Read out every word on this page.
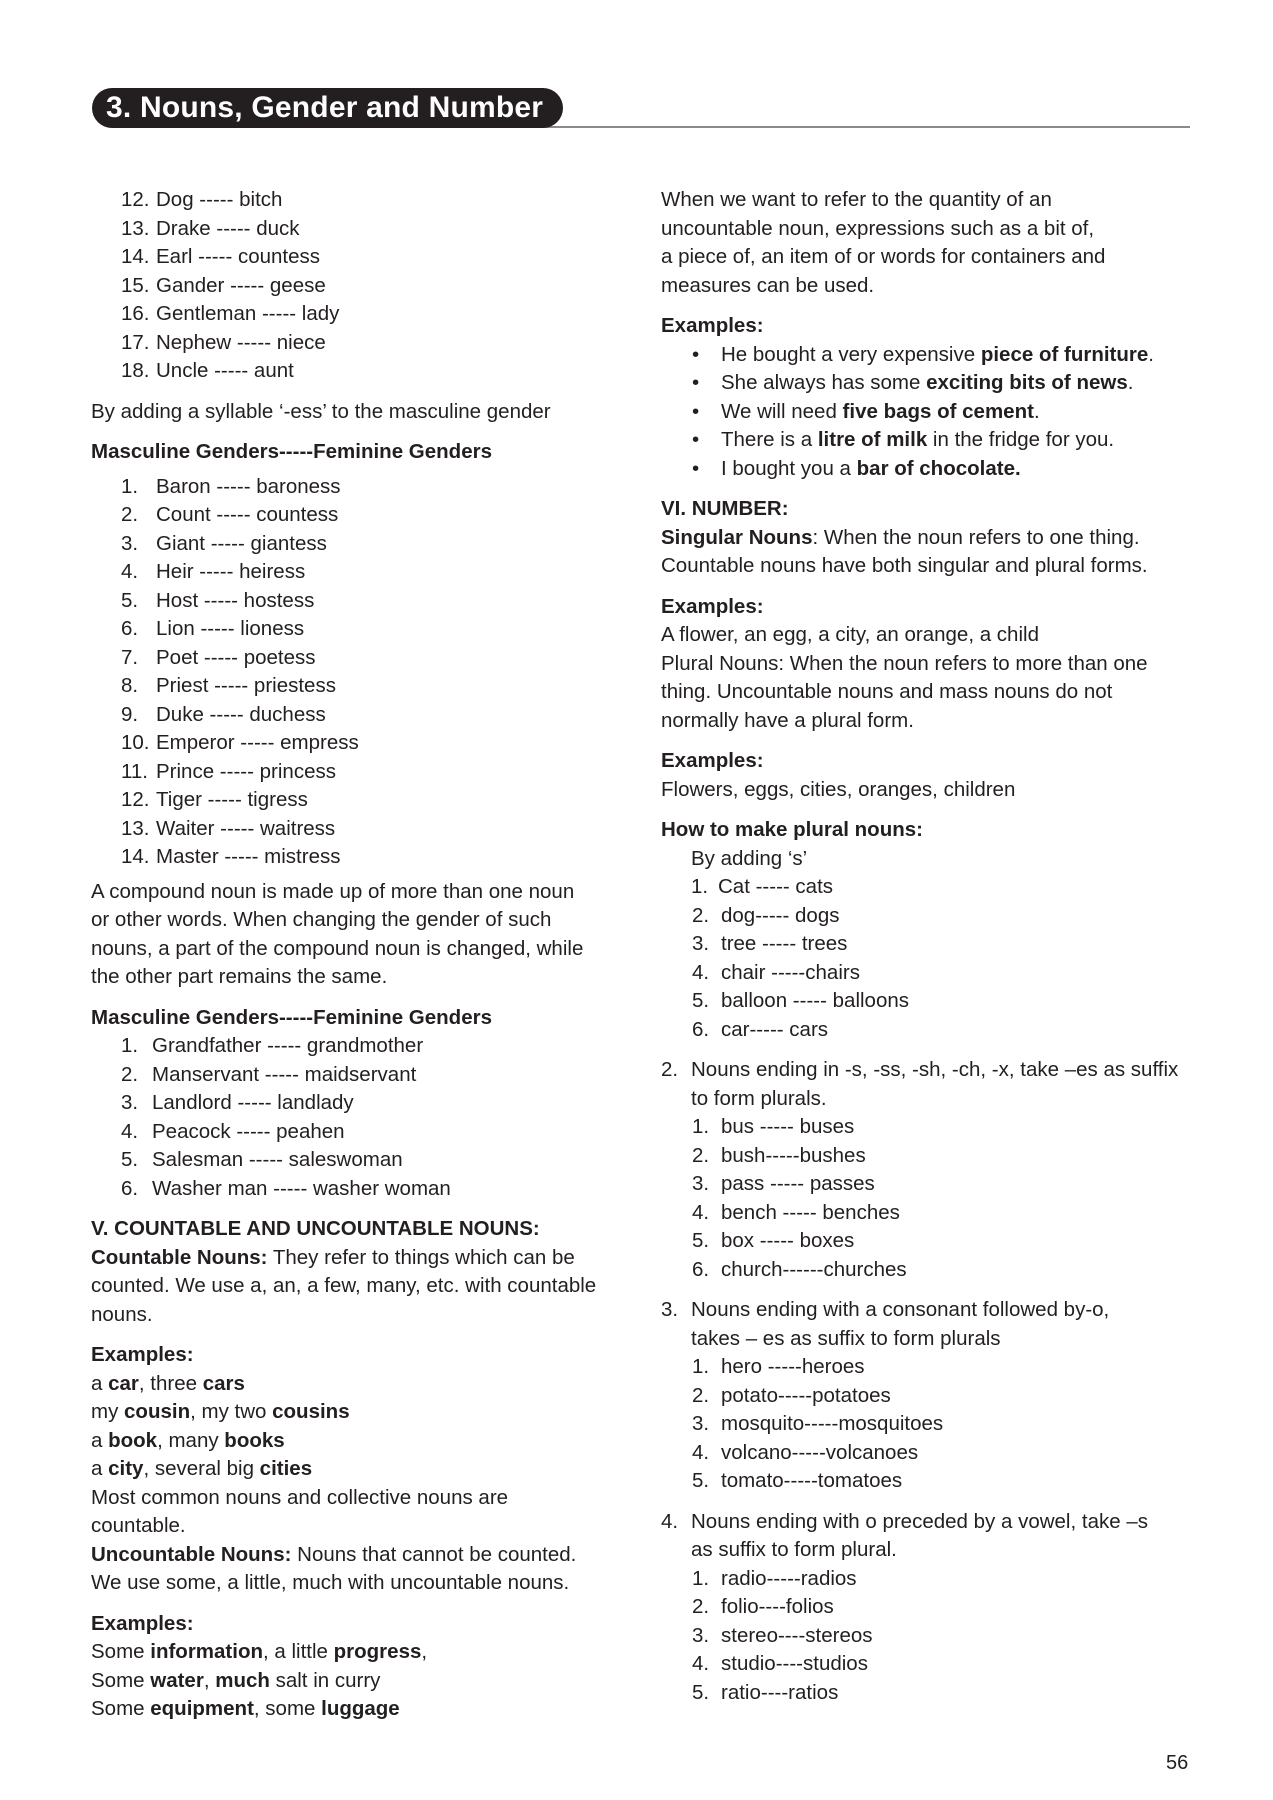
3. Nouns, Gender and Number
12. Dog ----- bitch
13. Drake ----- duck
14. Earl ----- countess
15. Gander ----- geese
16. Gentleman ----- lady
17. Nephew ----- niece
18. Uncle ----- aunt
By adding a syllable ‘-ess’ to the masculine gender
Masculine Genders-----Feminine Genders
1. Baron ----- baroness
2. Count ----- countess
3. Giant ----- giantess
4. Heir ----- heiress
5. Host ----- hostess
6. Lion ----- lioness
7. Poet ----- poetess
8. Priest ----- priestess
9. Duke ----- duchess
10. Emperor ----- empress
11. Prince ----- princess
12. Tiger ----- tigress
13. Waiter ----- waitress
14. Master ----- mistress
A compound noun is made up of more than one noun
or other words. When changing the gender of such
nouns, a part of the compound noun is changed, while
the other part remains the same.
Masculine Genders-----Feminine Genders
1. Grandfather ----- grandmother
2. Manservant ----- maidservant
3. Landlord ----- landlady
4. Peacock ----- peahen
5. Salesman ----- saleswoman
6. Washer man ----- washer woman
V. COUNTABLE AND UNCOUNTABLE NOUNS:
Countable Nouns: They refer to things which can be
counted. We use a, an, a few, many, etc. with countable
nouns.
Examples:
a car, three cars
my cousin, my two cousins
a book, many books
a city, several big cities
Most common nouns and collective nouns are
countable.
Uncountable Nouns: Nouns that cannot be counted.
We use some, a little, much with uncountable nouns.
Examples:
Some information, a little progress,
Some water, much salt in curry
Some equipment, some luggage
When we want to refer to the quantity of an
uncountable noun, expressions such as a bit of,
a piece of, an item of or words for containers and
measures can be used.
Examples:
• He bought a very expensive piece of furniture.
• She always has some exciting bits of news.
• We will need five bags of cement.
• There is a litre of milk in the fridge for you.
• I bought you a bar of chocolate.
VI. NUMBER:
Singular Nouns: When the noun refers to one thing.
Countable nouns have both singular and plural forms.
Examples:
A flower, an egg, a city, an orange, a child
Plural Nouns: When the noun refers to more than one
thing. Uncountable nouns and mass nouns do not
normally have a plural form.
Examples:
Flowers, eggs, cities, oranges, children
How to make plural nouns:
By adding ‘s’
1. Cat ----- cats
2. dog----- dogs
3. tree ----- trees
4. chair -----chairs
5. balloon ----- balloons
6. car----- cars
2. Nouns ending in -s, -ss, -sh, -ch, -x, take –es as suffix
to form plurals.
1. bus ----- buses
2. bush-----bushes
3. pass ----- passes
4. bench ----- benches
5. box ----- boxes
6. church------churches
3. Nouns ending with a consonant followed by-o,
takes – es as suffix to form plurals
1. hero -----heroes
2. potato-----potatoes
3. mosquito-----mosquitoes
4. volcano-----volcanoes
5. tomato-----tomatoes
4. Nouns ending with o preceded by a vowel, take –s
as suffix to form plural.
1. radio-----radios
2. folio----folios
3. stereo----stereos
4. studio----studios
5. ratio----ratios
56
